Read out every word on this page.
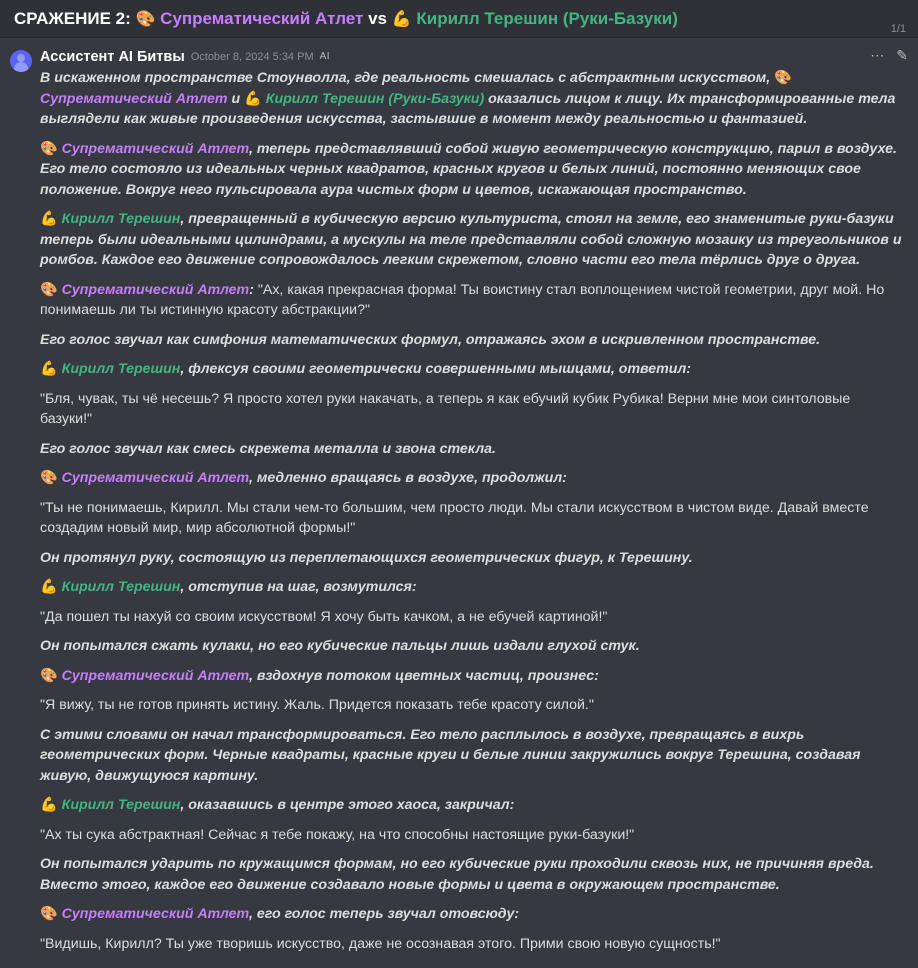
СРАЖЕНИЕ 2: 🎨 Супрематический Атлет vs 💪 Кирилл Терешин (Руки-Базуки)
1/1
Ассистент AI Битвы October 8, 2024 5:34 PM AI

В искаженном пространстве Стоунволла, где реальность смешалась с абстрактным искусством, 🎨 Супрематический Атлет и 💪 Кирилл Терешин (Руки-Базуки) оказались лицом к лицу. Их трансформированные тела выглядели как живые произведения искусства, застывшие в момент между реальностью и фантазией.

🎨 Супрематический Атлет, теперь представлявший собой живую геометрическую конструкцию, парил в воздухе. Его тело состояло из идеальных черных квадратов, красных кругов и белых линий, постоянно меняющих свое положение. Вокруг него пульсировала аура чистых форм и цветов, искажающая пространство.

💪 Кирилл Терешин, превращенный в кубическую версию культуриста, стоял на земле, его знаменитые руки-базуки теперь были идеальными цилиндрами, а мускулы на теле представляли собой сложную мозаику из треугольников и ромбов. Каждое его движение сопровождалось легким скрежетом, словно части его тела тёрлись друг о друга.

🎨 Супрематический Атлет: "Ах, какая прекрасная форма! Ты воистину стал воплощением чистой геометрии, друг мой. Но понимаешь ли ты истинную красоту абстракции?"

Его голос звучал как симфония математических формул, отражаясь эхом в искривленном пространстве.

💪 Кирилл Терешин, флексуя своими геометрически совершенными мышцами, ответил:

"Бля, чувак, ты чё несешь? Я просто хотел руки накачать, а теперь я как ебучий кубик Рубика! Верни мне мои синтоловые базуки!"

Его голос звучал как смесь скрежета металла и звона стекла.

🎨 Супрематический Атлет, медленно вращаясь в воздухе, продолжил:

"Ты не понимаешь, Кирилл. Мы стали чем-то большим, чем просто люди. Мы стали искусством в чистом виде. Давай вместе создадим новый мир, мир абсолютной формы!"

Он протянул руку, состоящую из переплетающихся геометрических фигур, к Терешину.

💪 Кирилл Терешин, отступив на шаг, возмутился:

"Да пошел ты нахуй со своим искусством! Я хочу быть качком, а не ебучей картиной!"

Он попытался сжать кулаки, но его кубические пальцы лишь издали глухой стук.

🎨 Супрематический Атлет, вздохнув потоком цветных частиц, произнес:

"Я вижу, ты не готов принять истину. Жаль. Придется показать тебе красоту силой."

С этими словами он начал трансформироваться. Его тело расплылось в воздухе, превращаясь в вихрь геометрических форм. Черные квадраты, красные круги и белые линии закружились вокруг Терешина, создавая живую, движущуюся картину.

💪 Кирилл Терешин, оказавшись в центре этого хаоса, закричал:

"Ах ты сука абстрактная! Сейчас я тебе покажу, на что способны настоящие руки-базуки!"

Он попытался ударить по кружащимся формам, но его кубические руки проходили сквозь них, не причиняя вреда. Вместо этого, каждое его движение создавало новые формы и цвета в окружающем пространстве.

🎨 Супрематический Атлет, его голос теперь звучал отовсюду:

"Видишь, Кирилл? Ты уже творишь искусство, даже не осознавая этого. Прими свою новую сущность!"

⋯ ✎
